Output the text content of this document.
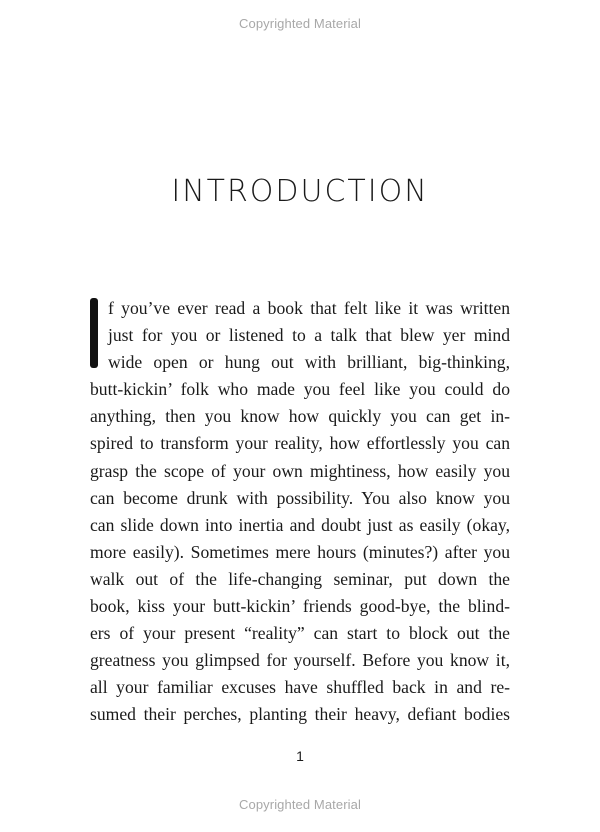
Copyrighted Material
INTRODUCTION
f you’ve ever read a book that felt like it was written
just for you or listened to a talk that blew yer mind
wide open or hung out with brilliant, big-thinking,
butt-kickin’ folk who made you feel like you could do
anything, then you know how quickly you can get in-
spired to transform your reality, how effortlessly you can
grasp the scope of your own mightiness, how easily you
can become drunk with possibility. You also know you
can slide down into inertia and doubt just as easily (okay,
more easily). Sometimes mere hours (minutes?) after you
walk out of the life-changing seminar, put down the
book, kiss your butt-kickin’ friends good-bye, the blind-
ers of your present “reality” can start to block out the
greatness you glimpsed for yourself. Before you know it,
all your familiar excuses have shuffled back in and re-
sumed their perches, planting their heavy, defiant bodies
1
Copyrighted Material
